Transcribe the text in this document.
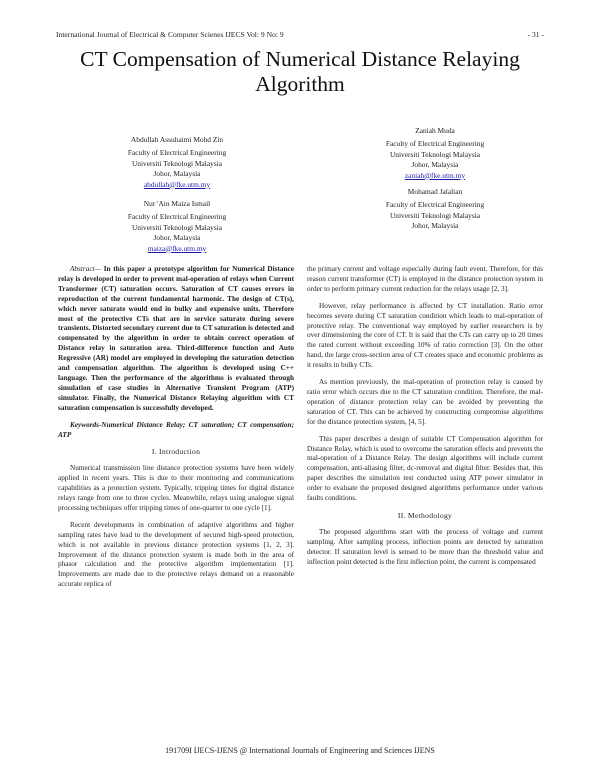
International Journal of Electrical & Computer Scienes IJECS Vol: 9 No: 9	- 31 -
CT Compensation of Numerical Distance Relaying
Algorithm
Abdullah Assuhaimi Mohd Zin
Faculty of Electrical Engineering
Universiti Teknologi Malaysia
Johor, Malaysia
abdullah@fke.utm.my
Nur 'Ain Maiza Ismail
Faculty of Electrical Engineering
Universiti Teknologi Malaysia
Johor, Malaysia
maiza@fke.utm.my
Zaniah Muda
Faculty of Electrical Engineering
Universiti Teknologi Malaysia
Johor, Malaysia
zaniah@fke.utm.my
Mohamad Jalalian
Faculty of Electrical Engineering
Universiti Teknologi Malaysia
Johor, Malaysia

Abstract— In this paper a prototype algorithm for Numerical Distance relay is developed in order to prevent mal-operation of relays when Current Transformer (CT) saturation occurs. Saturation of CT causes errors in reproduction of the current fundamental harmonic. The design of CT(s), which never saturate would end in bulky and expensive units. Therefore most of the protective CTs that are in service saturate during severe transients. Distorted secondary current due to CT saturation is detected and compensated by the algorithm in order to obtain correct operation of Distance relay in saturation area. Third-difference function and Auto Regressive (AR) model are employed in developing the saturation detection and compensation algorithm. The algorithm is developed using C++ language. Then the performance of the algorithms is evaluated through simulation of case studies in Alternative Transient Program (ATP) simulator. Finally, the Numerical Distance Relaying algorithm with CT saturation compensation is successfully developed.

Keywords-Numerical Distance Relay; CT saturation; CT compensation; ATP

I. Introduction

Numerical transmission line distance protection systems have been widely applied in recent years. This is due to their monitoring and communications capabilities as a protection system. Typically, tripping times for digital distance relays range from one to three cycles. Meanwhile, relays using analogue signal processing techniques offer tripping times of one-quarter to one cycle [1].

Recent developments in combination of adaptive algorithms and higher sampling rates have lead to the development of secured high-speed protection, which is not available in previous distance protection systems [1, 2, 3]. Improvement of the distance protection system is made both in the area of phasor calculation and the protective algorithm implementation [1]. Improvements are made due to the protective relays demand on a reasonable accurate replica of

the primary current and voltage especially during fault event. Therefore, for this reason current transformer (CT) is employed in the distance protection system in order to perform primary current reduction for the relays usage [2, 3].

However, relay performance is affected by CT installation. Ratio error becomes severe during CT saturation condition which leads to mal-operation of protective relay. The conventional way employed by earlier researchers is by over dimensioning the core of CT. It is said that the CTs can carry up to 20 times the rated current without exceeding 10% of ratio correction [3]. On the other hand, the large cross-section area of CT creates space and economic problems as it results in bulky CTs.

As mention previously, the mal-operation of protection relay is caused by ratio error which occurs due to the CT saturation condition. Therefore, the mal-operation of distance protection relay can be avoided by preventing the saturation of CT. This can be achieved by constructing compromise algorithms for the distance protection system, [4, 5].

This paper describes a design of suitable CT Compensation algorithm for Distance Relay, which is used to overcome the saturation effects and prevents the mal-operation of a Distance Relay. The design algorithms will include current compensation, anti-aliasing filter, dc-removal and digital filter. Besides that, this paper describes the simulation test conducted using ATP power simulator in order to evaluate the proposed designed algorithms performance under various faults conditions.

II. Methodology

The proposed algorithms start with the process of voltage and current sampling. After sampling process, inflection points are detected by saturation detector. If saturation level is sensed to be more than the threshold value and inflection point detected is the first inflection point, the current is compensated

191709I IJECS-IJENS @ International Journals of Engineering and Sciences IJENS
